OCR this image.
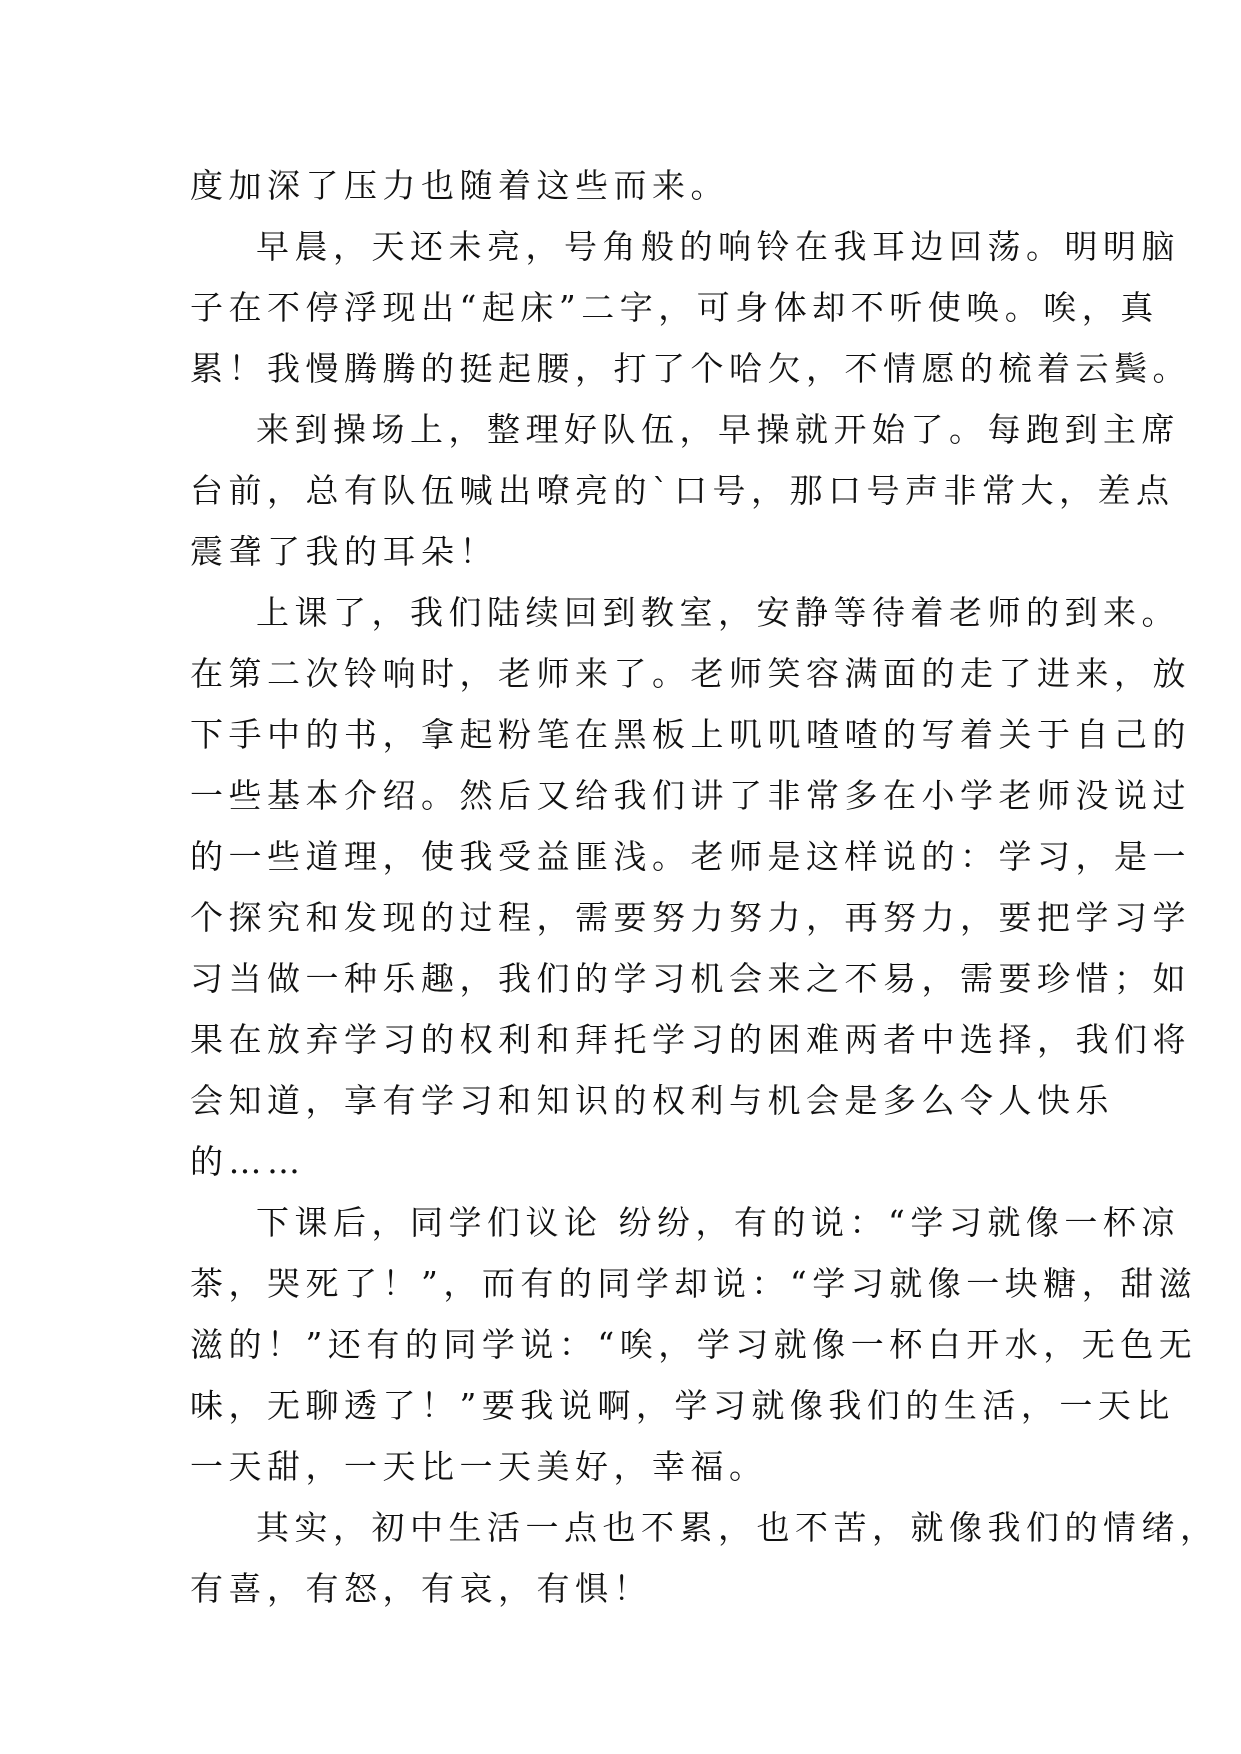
度加深了压力也随着这些而来。

早晨，天还未亮，号角般的响铃在我耳边回荡。明明脑
子在不停浮现出“起床”二字，可身体却不听使唤。唉，真
累！我慢腾腾的挺起腰，打了个哈欠，不情愿的梳着云鬓。

来到操场上，整理好队伍，早操就开始了。每跑到主席
台前，总有队伍喊出嘹亮的`口号，那口号声非常大，差点
震聋了我的耳朵！

上课了，我们陆续回到教室，安静等待着老师的到来。
在第二次铃响时，老师来了。老师笑容满面的走了进来，放
下手中的书，拿起粉笔在黑板上叽叽喳喳的写着关于自己的
一些基本介绍。然后又给我们讲了非常多在小学老师没说过
的一些道理，使我受益匪浅。老师是这样说的：学习，是一
个探究和发现的过程，需要努力努力，再努力，要把学习学
习当做一种乐趣，我们的学习机会来之不易，需要珍惜；如
果在放弃学习的权利和拜托学习的困难两者中选择，我们将
会知道，享有学习和知识的权利与机会是多么令人快乐
的……

下课后，同学们议论 纷纷，有的说：“学习就像一杯凉
茶，哭死了！”，而有的同学却说：“学习就像一块糖，甜滋
滋的！”还有的同学说：“唉，学习就像一杯白开水，无色无
味，无聊透了！”要我说啊，学习就像我们的生活，一天比
一天甜，一天比一天美好，幸福。

其实，初中生活一点也不累，也不苦，就像我们的情绪，
有喜，有怒，有哀，有惧！
